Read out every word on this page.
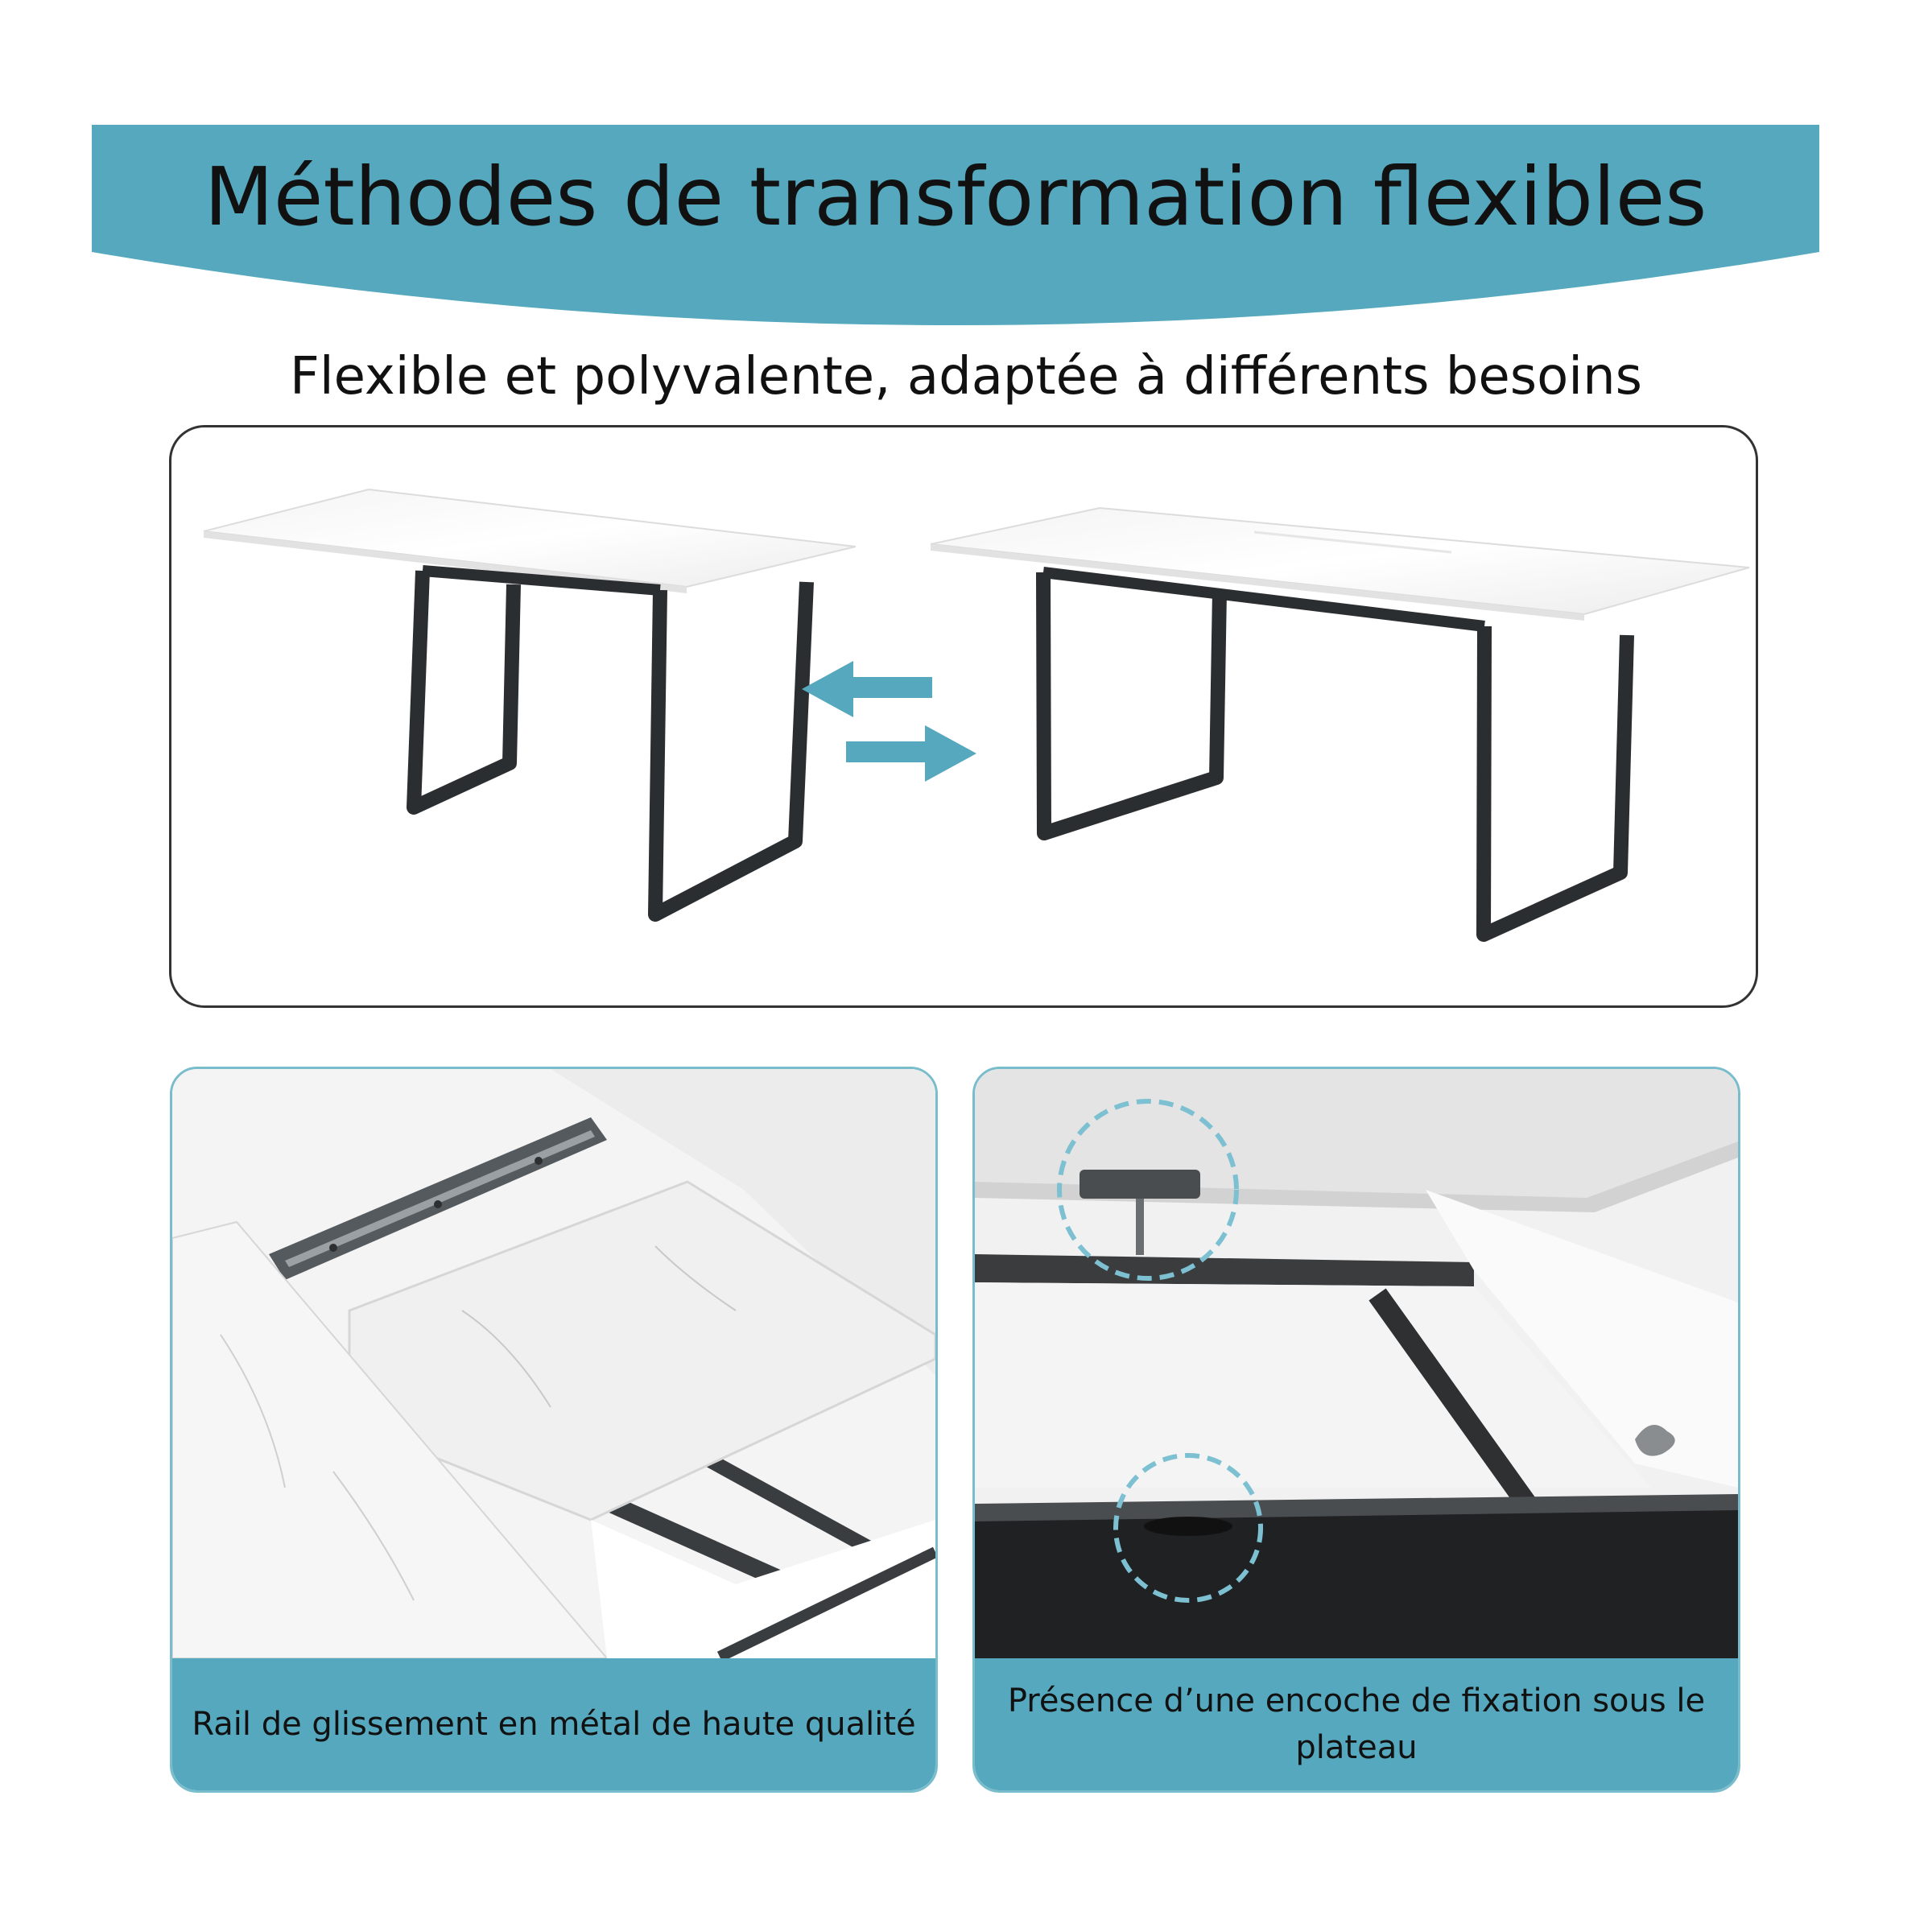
Méthodes de transformation flexibles

Flexible et polyvalente, adaptée à différents besoins

Rail de glissement en métal de haute qualité
Présence d’une encoche de fixation sous le plateau
